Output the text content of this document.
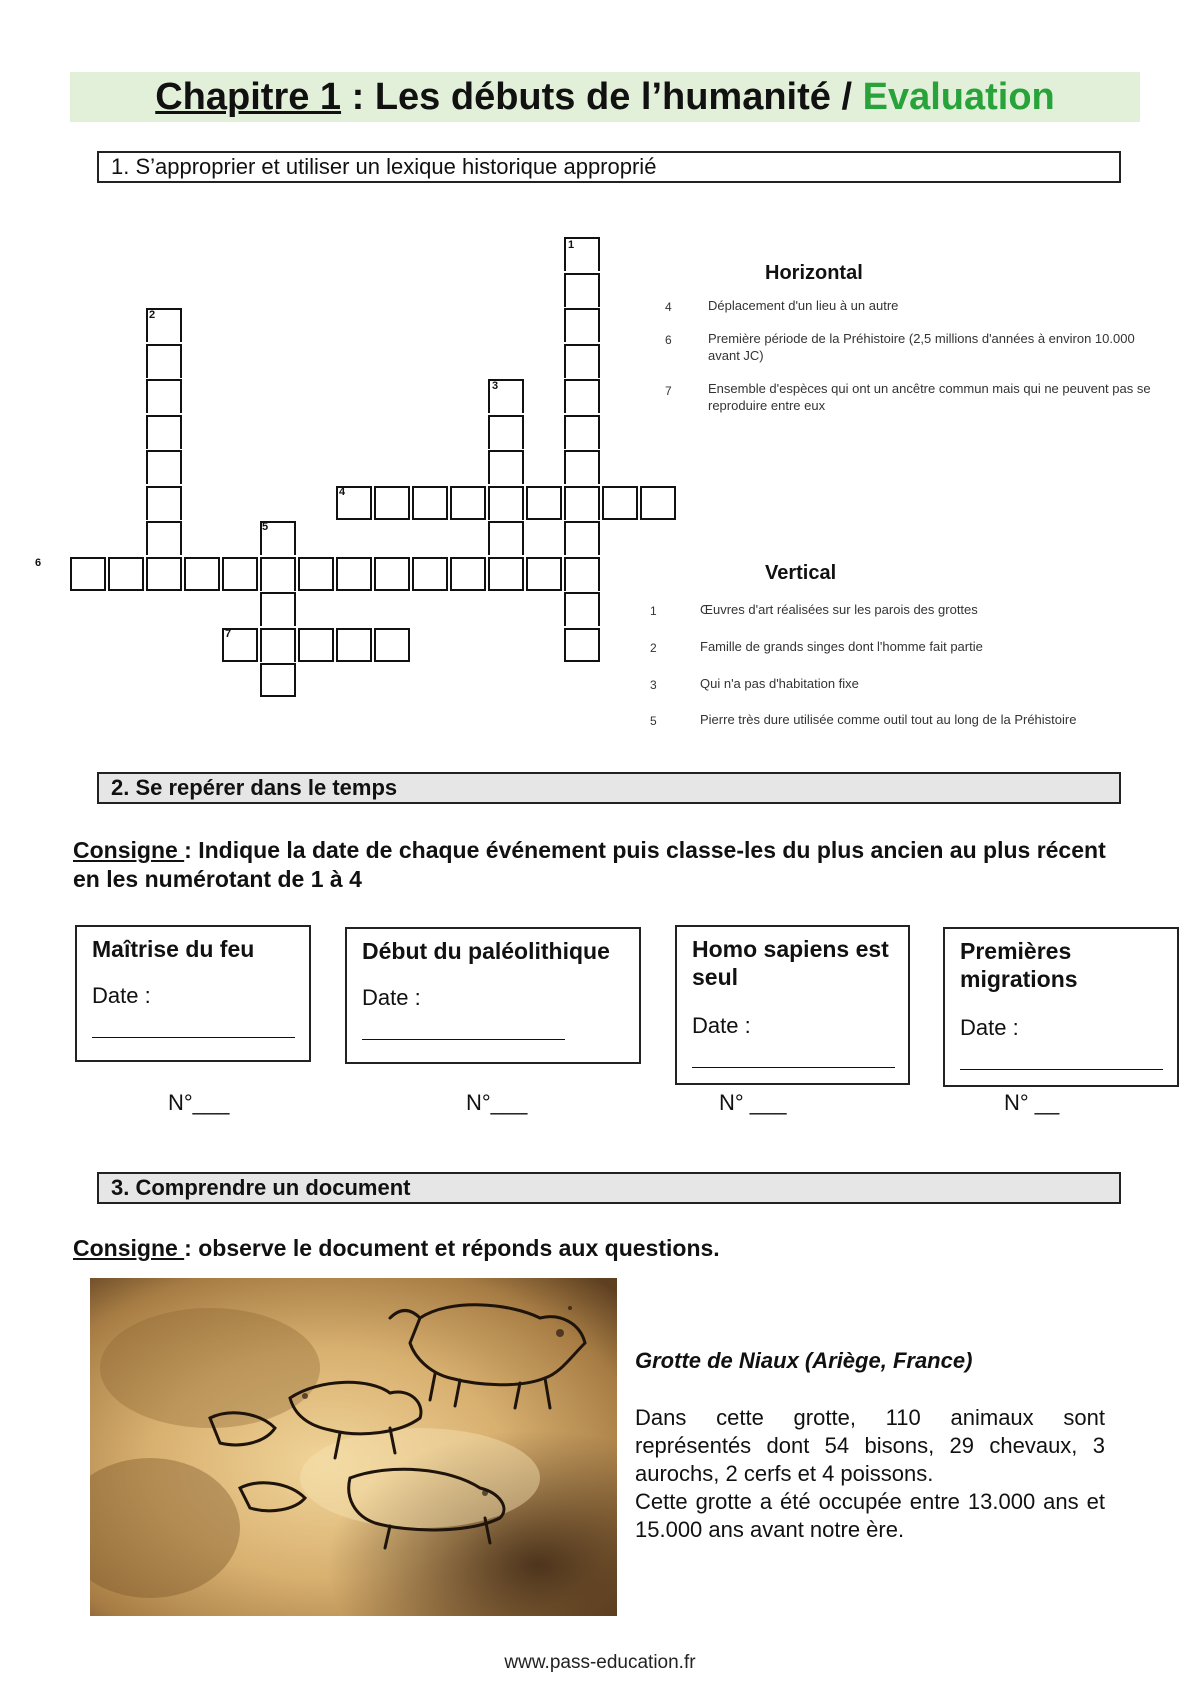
Chapitre 1 : Les débuts de l’humanité / Evaluation
1. S’approprier et utiliser un lexique historique approprié
1
2
3
4
5
6
7
Horizontal
4	Déplacement d'un lieu à un autre
6	Première période de la Préhistoire (2,5 millions d'années à environ 10.000 avant JC)
7	Ensemble d'espèces qui ont un ancêtre commun mais qui ne peuvent pas se reproduire entre eux
Vertical
1	Œuvres d'art réalisées sur les parois des grottes
2	Famille de grands singes dont l'homme fait partie
3	Qui n'a pas d'habitation fixe
5	Pierre très dure utilisée comme outil tout au long de la Préhistoire
2. Se repérer dans le temps
Consigne : Indique la date de chaque événement puis classe-les du plus ancien au plus récent en les numérotant de 1 à 4
Maîtrise du feu
Date :
Début du paléolithique
Date :
Homo sapiens est seul
Date :
Premières migrations
Date :
N°___	N°___	N° ___	N° __
3. Comprendre un document
Consigne : observe le document et réponds aux questions.
Grotte de Niaux (Ariège, France)
Dans cette grotte, 110 animaux sont représentés dont 54 bisons, 29 chevaux, 3 aurochs, 2 cerfs et 4 poissons.
Cette grotte a été occupée entre 13.000 ans et 15.000 ans avant notre ère.
www.pass-education.fr
